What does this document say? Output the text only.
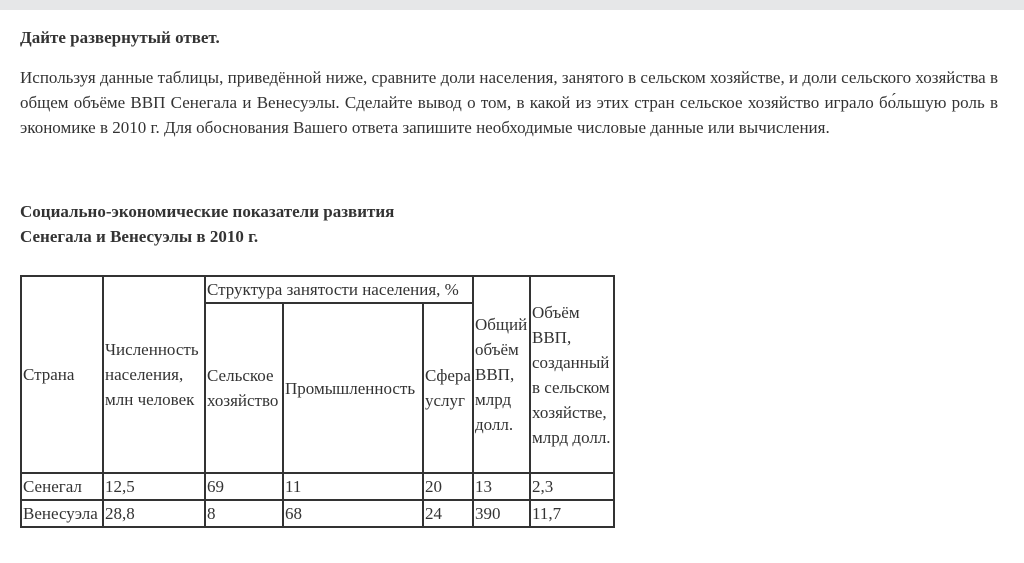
Дайте развернутый ответ.

Используя данные таблицы, приведённой ниже, сравните доли населения, занятого в сельском хозяйстве, и доли сельского хозяйства в общем объёме ВВП Сенегала и Венесуэлы. Сделайте вывод о том, в какой из этих стран сельское хозяйство играло бо́льшую роль в экономике в 2010 г. Для обоснования Вашего ответа запишите необходимые числовые данные или вычисления.

Социально-экономические показатели развития
Сенегала и Венесуэлы в 2010 г.

Страна	Численность населения, млн человек	Структура занятости населения, %			Общий объём ВВП, млрд долл.	Объём ВВП, созданный в сельском хозяйстве, млрд долл.
		Сельское хозяйство	Промышленность	Сфера услуг		
Сенегал	12,5	69	11	20	13	2,3
Венесуэла	28,8	8	68	24	390	11,7
